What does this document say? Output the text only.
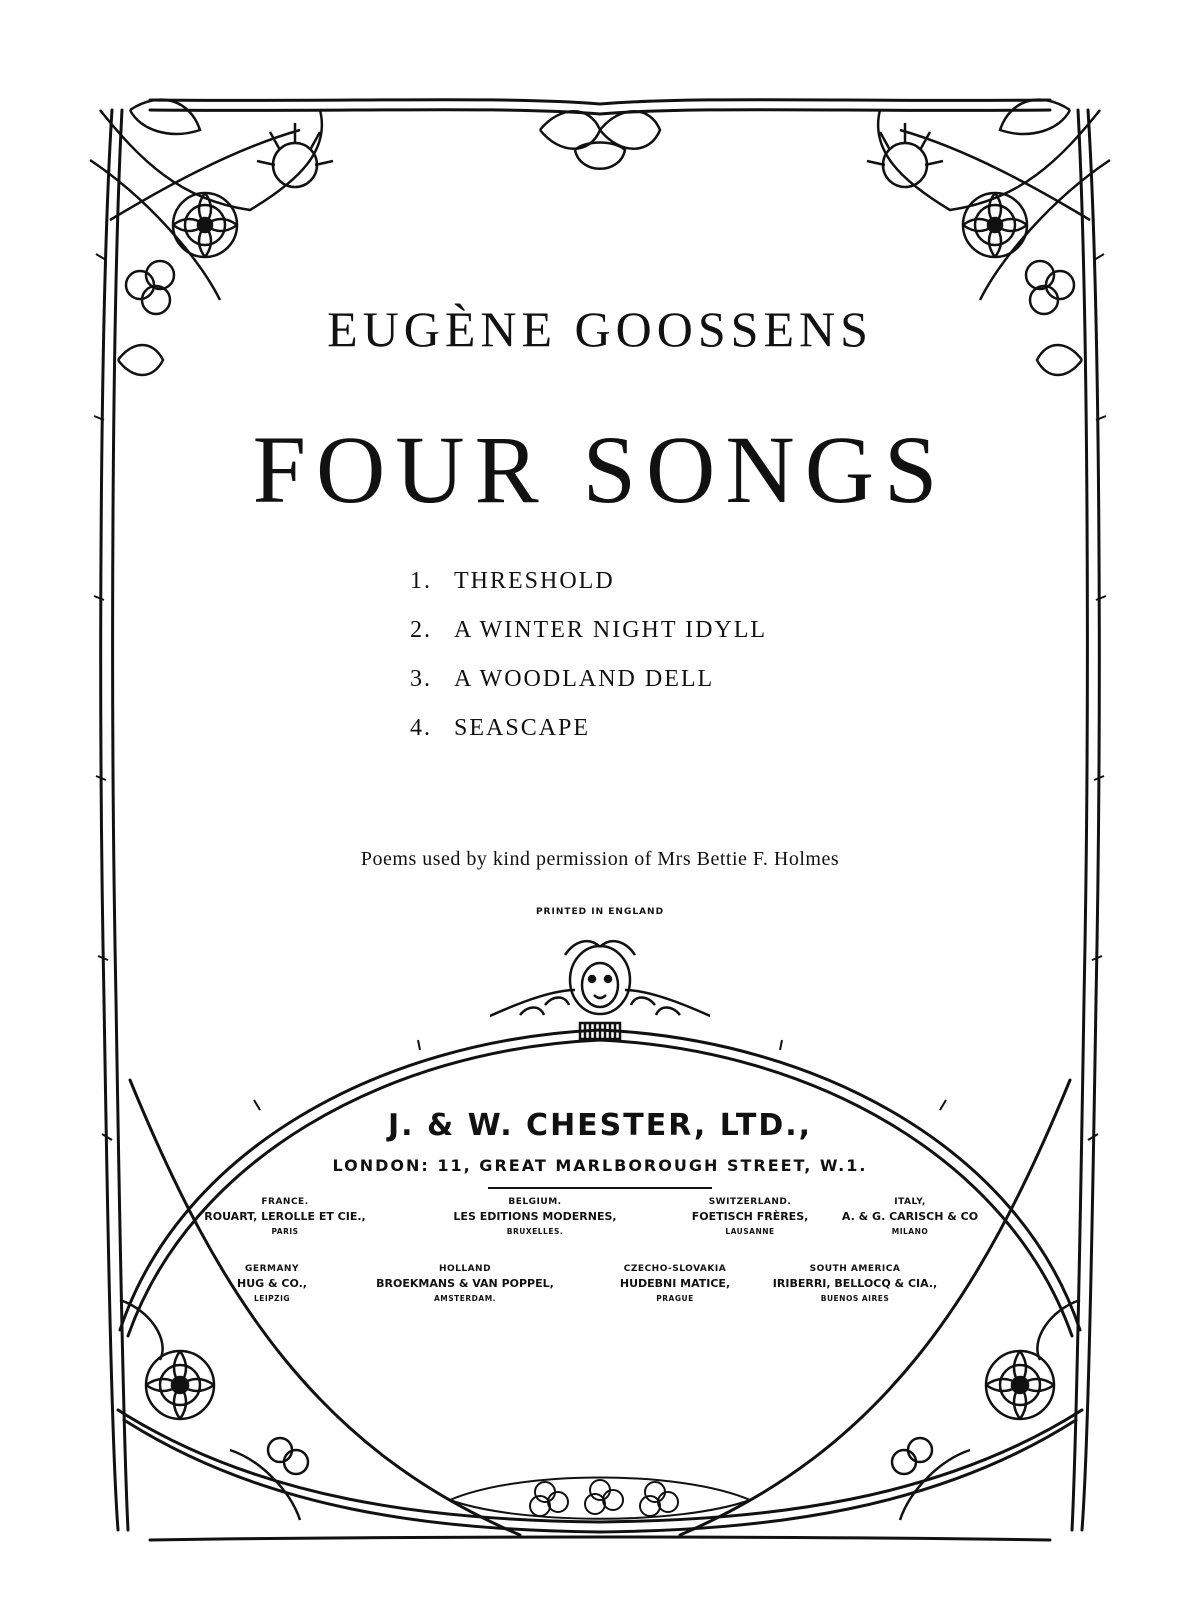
EUGÈNE GOOSSENS
FOUR SONGS
1. THRESHOLD
2. A WINTER NIGHT IDYLL
3. A WOODLAND DELL
4. SEASCAPE
Poems used by kind permission of Mrs Bettie F. Holmes
PRINTED IN ENGLAND
J. & W. CHESTER, LTD.,
LONDON: 11, GREAT MARLBOROUGH STREET, W.1.
FRANCE.
ROUART, LEROLLE ET CIE.,
PARIS
BELGIUM.
LES EDITIONS MODERNES,
BRUXELLES.
SWITZERLAND.
FOETISCH FRÈRES,
LAUSANNE
ITALY,
A. & G. CARISCH & CO
MILANO
GERMANY
HUG & CO.,
LEIPZIG
HOLLAND
BROEKMANS & VAN POPPEL,
AMSTERDAM.
CZECHO-SLOVAKIA
HUDEBNI MATICE,
PRAGUE
SOUTH AMERICA
IRIBERRI, BELLOCQ & CIA.,
BUENOS AIRES
